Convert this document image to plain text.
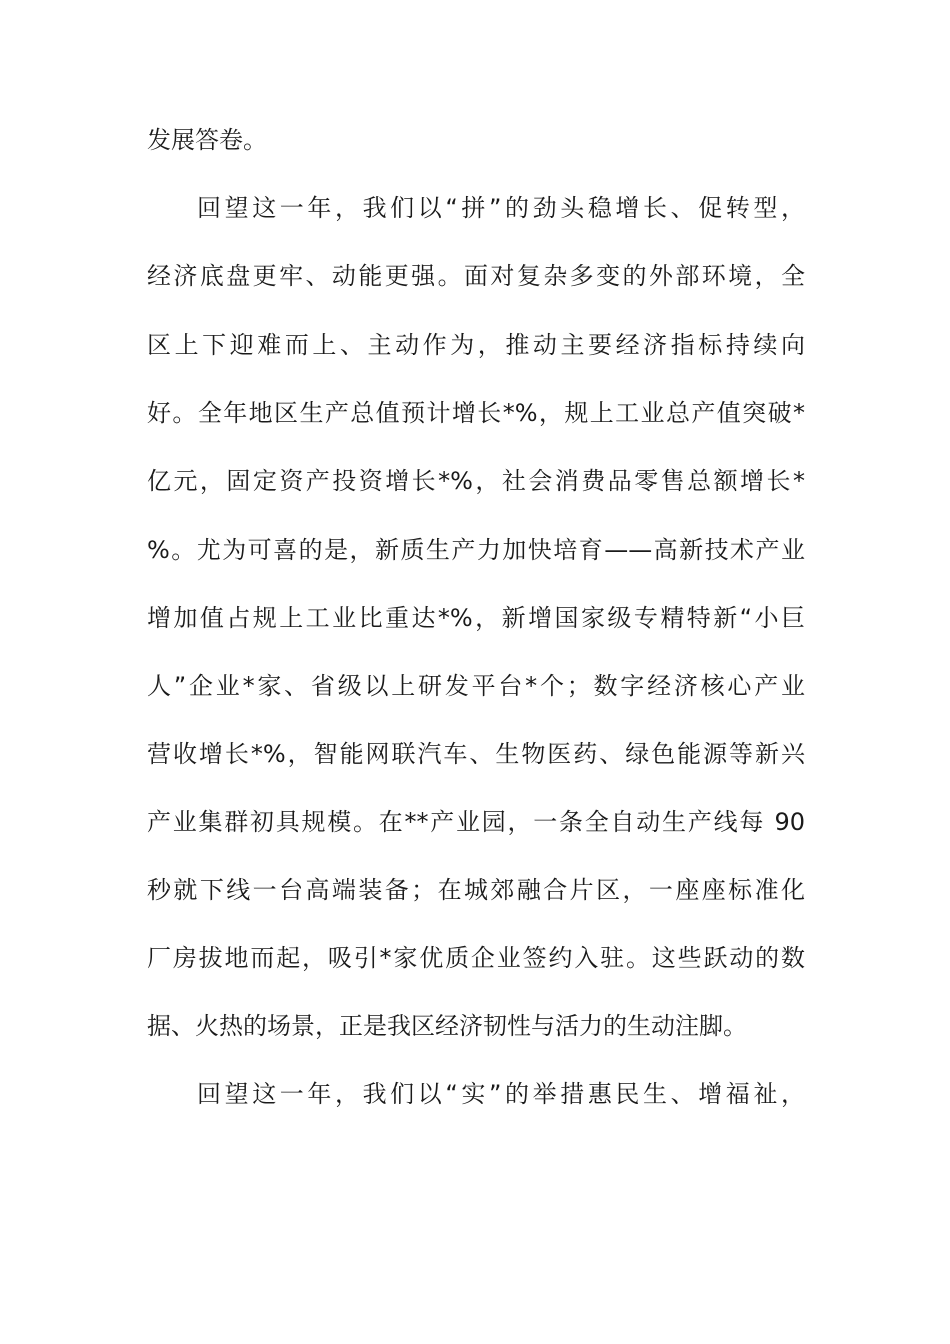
发展答卷。
回望这一年，我们以“拼”的劲头稳增长、促转型，
经济底盘更牢、动能更强。面对复杂多变的外部环境，全
区上下迎难而上、主动作为，推动主要经济指标持续向
好。全年地区生产总值预计增长*%，规上工业总产值突破*
亿元，固定资产投资增长*%，社会消费品零售总额增长*
%。尤为可喜的是，新质生产力加快培育——高新技术产业
增加值占规上工业比重达*%，新增国家级专精特新“小巨
人”企业*家、省级以上研发平台*个；数字经济核心产业
营收增长*%，智能网联汽车、生物医药、绿色能源等新兴
产业集群初具规模。在**产业园，一条全自动生产线每 90
秒就下线一台高端装备；在城郊融合片区，一座座标准化
厂房拔地而起，吸引*家优质企业签约入驻。这些跃动的数
据、火热的场景，正是我区经济韧性与活力的生动注脚。
回望这一年，我们以“实”的举措惠民生、增福祉，
